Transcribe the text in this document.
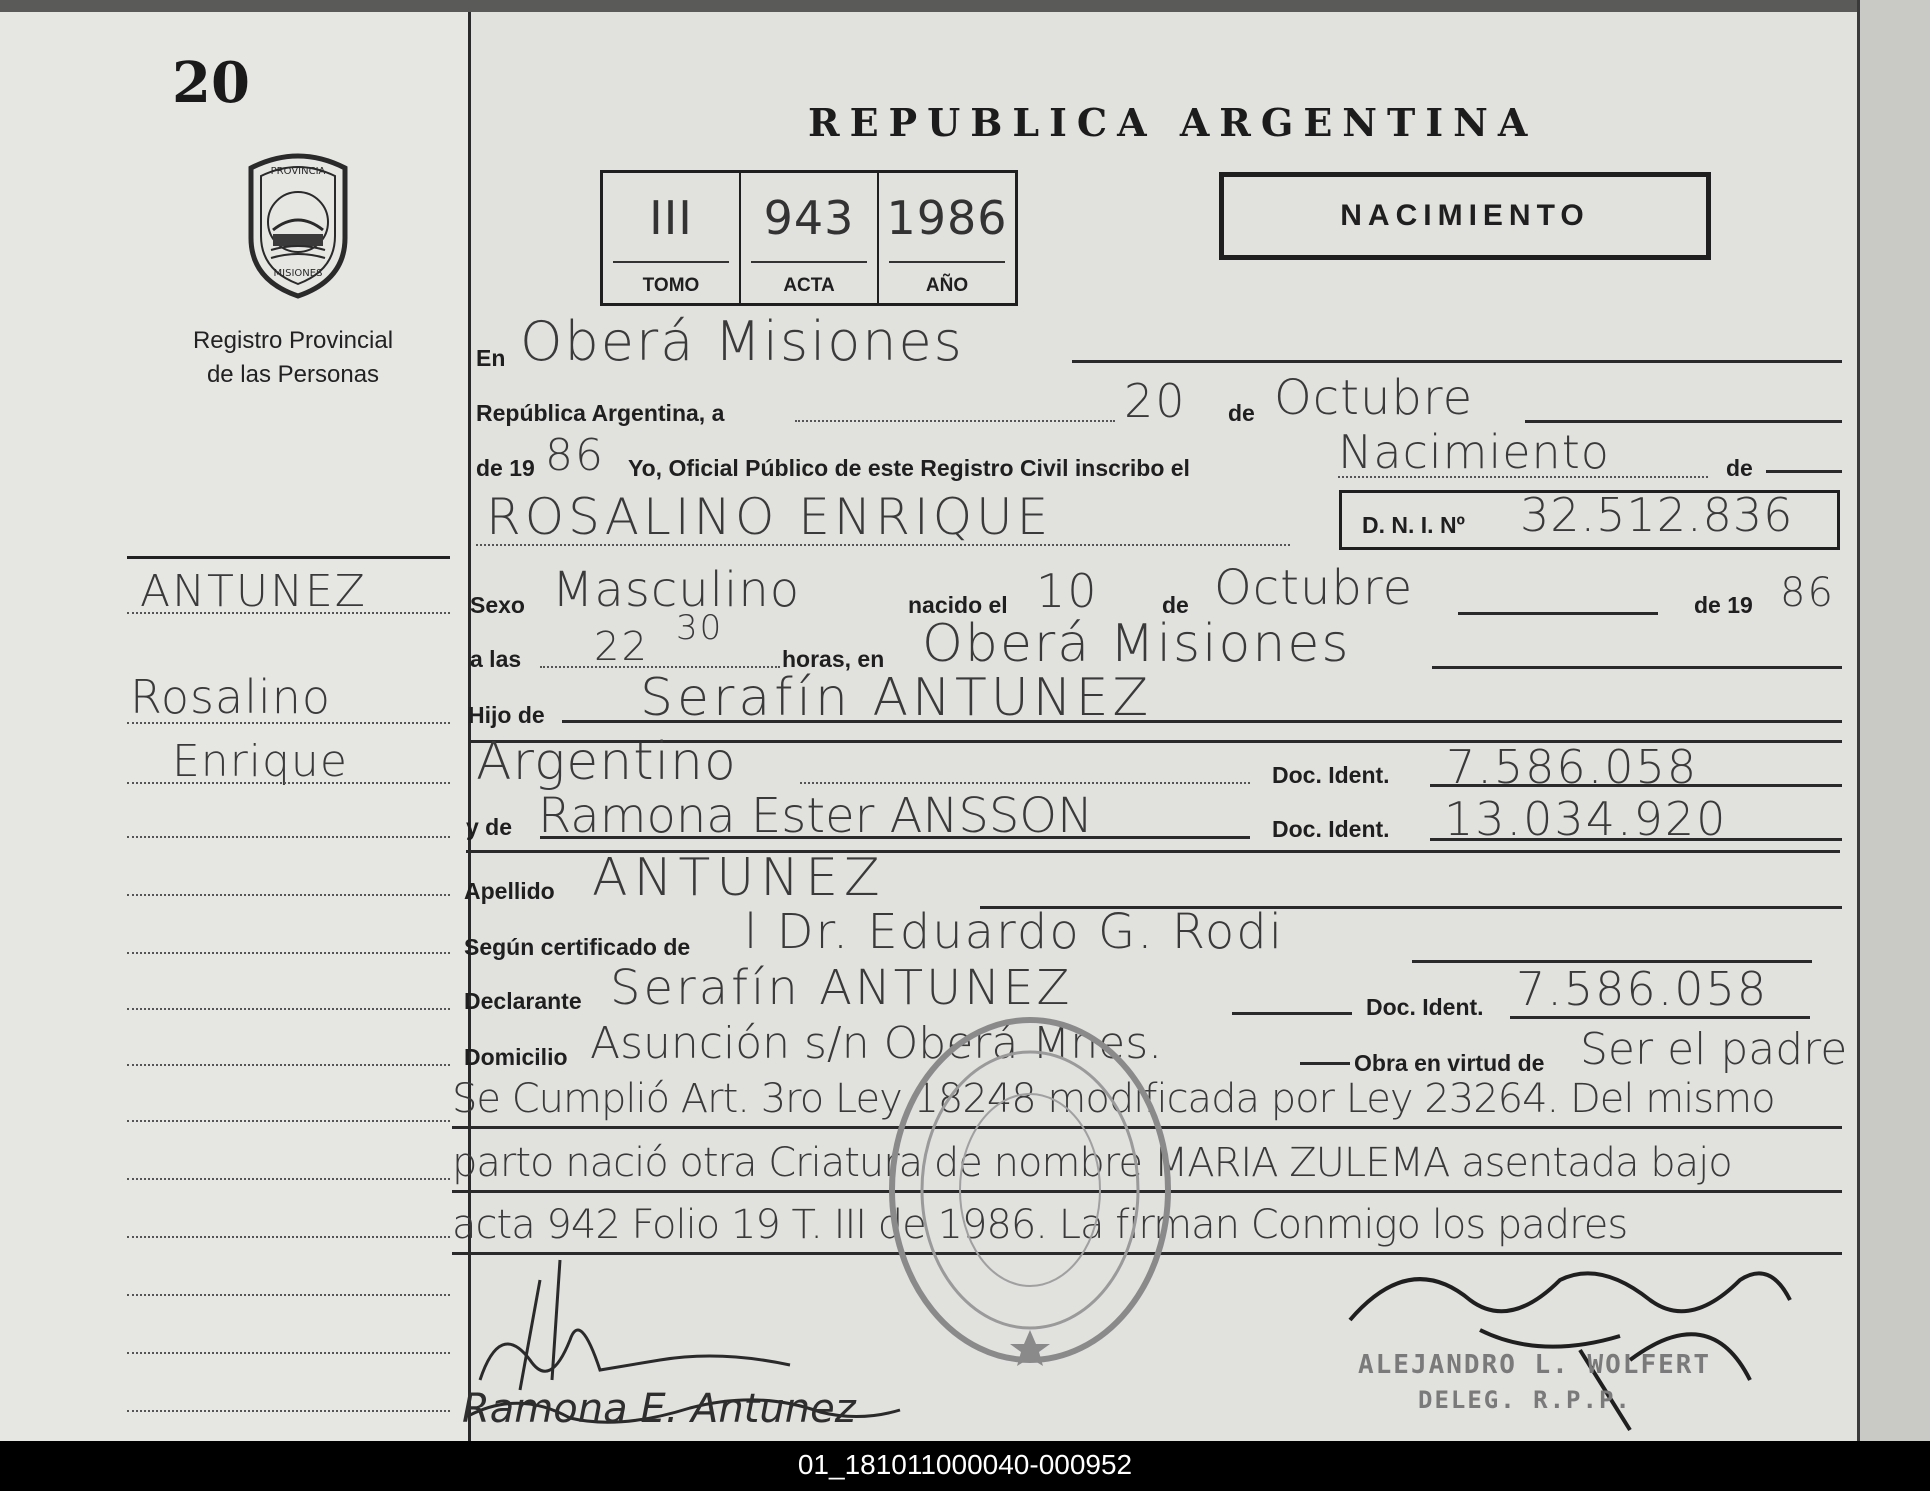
20
PROVINCIA
MISIONES
Registro Provincial
de las Personas
ANTUNEZ
Rosalino
Enrique
REPUBLICA ARGENTINA
III
TOMO
943
ACTA
1986
AÑO
NACIMIENTO
En Oberá Misiones
República Argentina, a	20 de Octubre
de 19 86 Yo, Oficial Público de este Registro Civil inscribo el	Nacimiento	de
ROSALINO ENRIQUE	D. N. I. Nº 32.512.836
Sexo Masculino	nacido el 10	de Octubre	de 19 86
a las 22 30
horas, en Oberá Misiones
Hijo de Serafín ANTUNEZ
Argentino	Doc. Ident. 7.586.058
y de Ramona Ester ANSSON	Doc. Ident. 13.034.920
Apellido ANTUNEZ
Según certificado de l Dr. Eduardo G. Rodi
Declarante Serafín ANTUNEZ	Doc. Ident. 7.586.058
Domicilio Asunción s/n Oberá Mnes.	Obra en virtud de Ser el padre
Se Cumplió Art. 3ro Ley 18248 modificada por Ley 23264. Del mismo
parto nació otra Criatura de nombre MARIA ZULEMA asentada bajo
acta 942 Folio 19 T. III de 1986. La firman Conmigo los padres
ALEJANDRO L. WOLFERT
DELEG. R.P.P.
Ramona E. Antunez
01_181011000040-000952
